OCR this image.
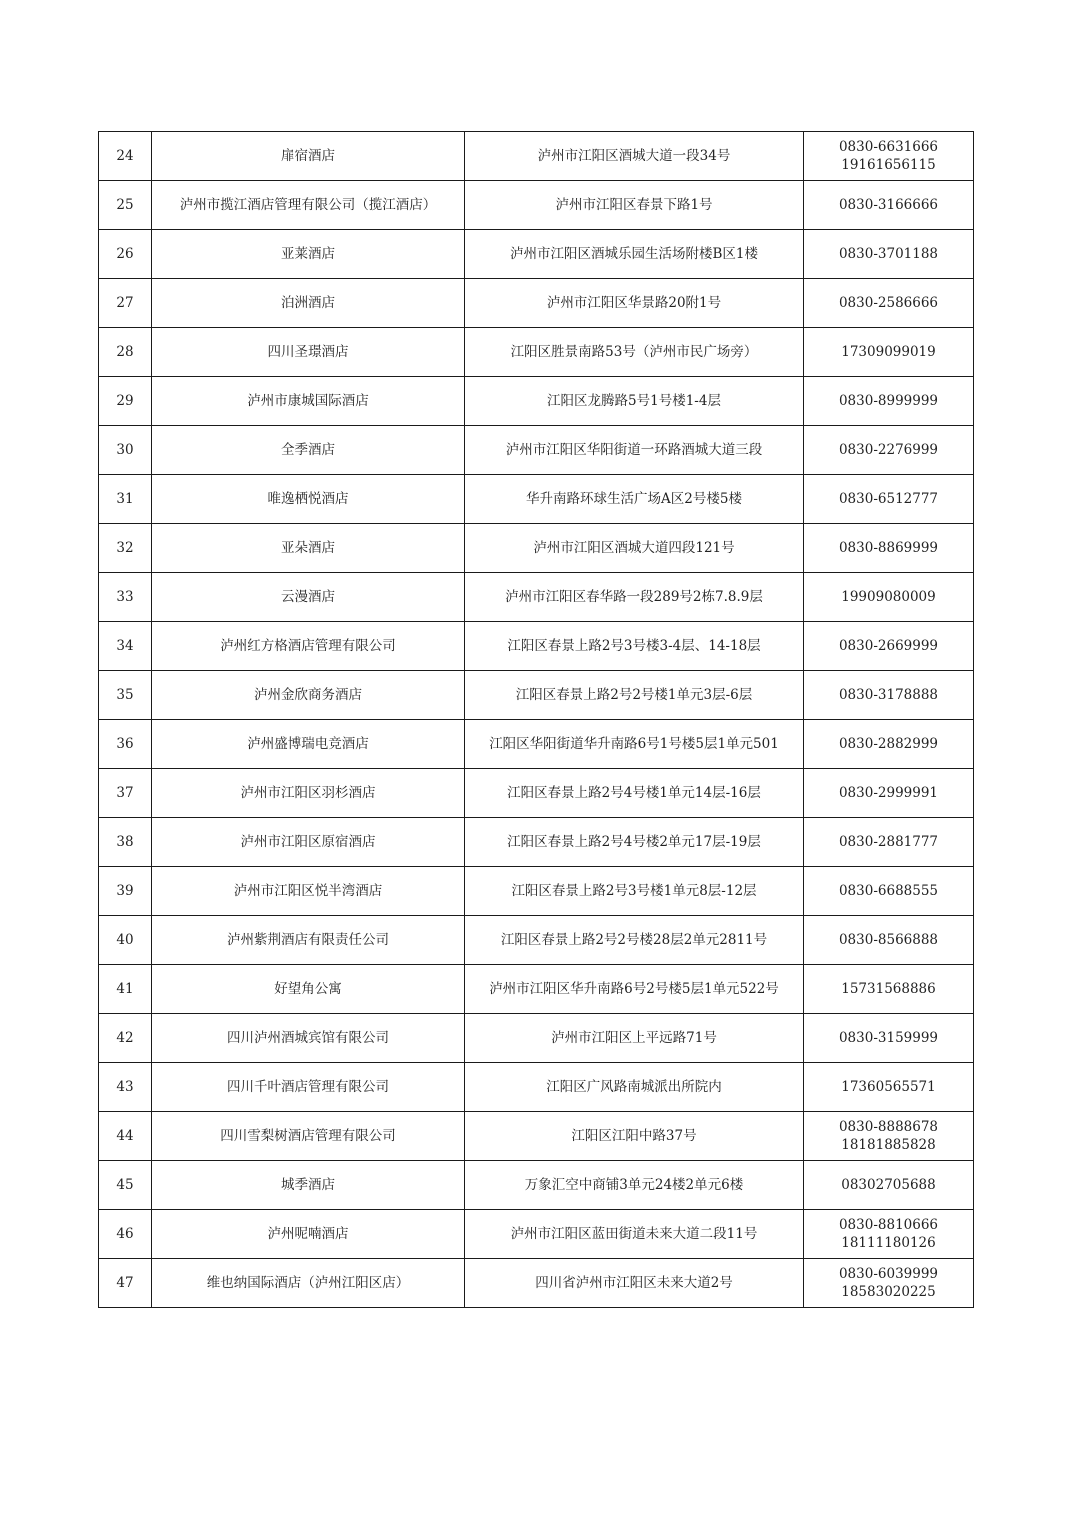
24	扉宿酒店	泸州市江阳区酒城大道一段34号	0830-6631666
19161656115

25	泸州市揽江酒店管理有限公司（揽江酒店）	泸州市江阳区春景下路1号	0830-3166666

26	亚莱酒店	泸州市江阳区酒城乐园生活场附楼B区1楼	0830-3701188

27	泊洲酒店	泸州市江阳区华景路20附1号	0830-2586666

28	四川圣璟酒店	江阳区胜景南路53号（泸州市民广场旁）	17309099019

29	泸州市康城国际酒店	江阳区龙腾路5号1号楼1-4层	0830-8999999

30	全季酒店	泸州市江阳区华阳街道一环路酒城大道三段	0830-2276999

31	唯逸栖悦酒店	华升南路环球生活广场A区2号楼5楼	0830-6512777

32	亚朵酒店	泸州市江阳区酒城大道四段121号	0830-8869999

33	云漫酒店	泸州市江阳区春华路一段289号2栋7.8.9层	19909080009

34	泸州红方格酒店管理有限公司	江阳区春景上路2号3号楼3-4层、14-18层	0830-2669999

35	泸州金欣商务酒店	江阳区春景上路2号2号楼1单元3层-6层	0830-3178888

36	泸州盛博瑞电竞酒店	江阳区华阳街道华升南路6号1号楼5层1单元501	0830-2882999

37	泸州市江阳区羽杉酒店	江阳区春景上路2号4号楼1单元14层-16层	0830-2999991

38	泸州市江阳区原宿酒店	江阳区春景上路2号4号楼2单元17层-19层	0830-2881777

39	泸州市江阳区悦半湾酒店	江阳区春景上路2号3号楼1单元8层-12层	0830-6688555

40	泸州紫荆酒店有限责任公司	江阳区春景上路2号2号楼28层2单元2811号	0830-8566888

41	好望角公寓	泸州市江阳区华升南路6号2号楼5层1单元522号	15731568886

42	四川泸州酒城宾馆有限公司	泸州市江阳区上平远路71号	0830-3159999

43	四川千叶酒店管理有限公司	江阳区广风路南城派出所院内	17360565571

44	四川雪梨树酒店管理有限公司	江阳区江阳中路37号	0830-8888678
18181885828

45	城季酒店	万象汇空中商铺3单元24楼2单元6楼	08302705688

46	泸州呢喃酒店	泸州市江阳区蓝田街道未来大道二段11号	0830-8810666
18111180126

47	维也纳国际酒店（泸州江阳区店）	四川省泸州市江阳区未来大道2号	0830-6039999
18583020225
